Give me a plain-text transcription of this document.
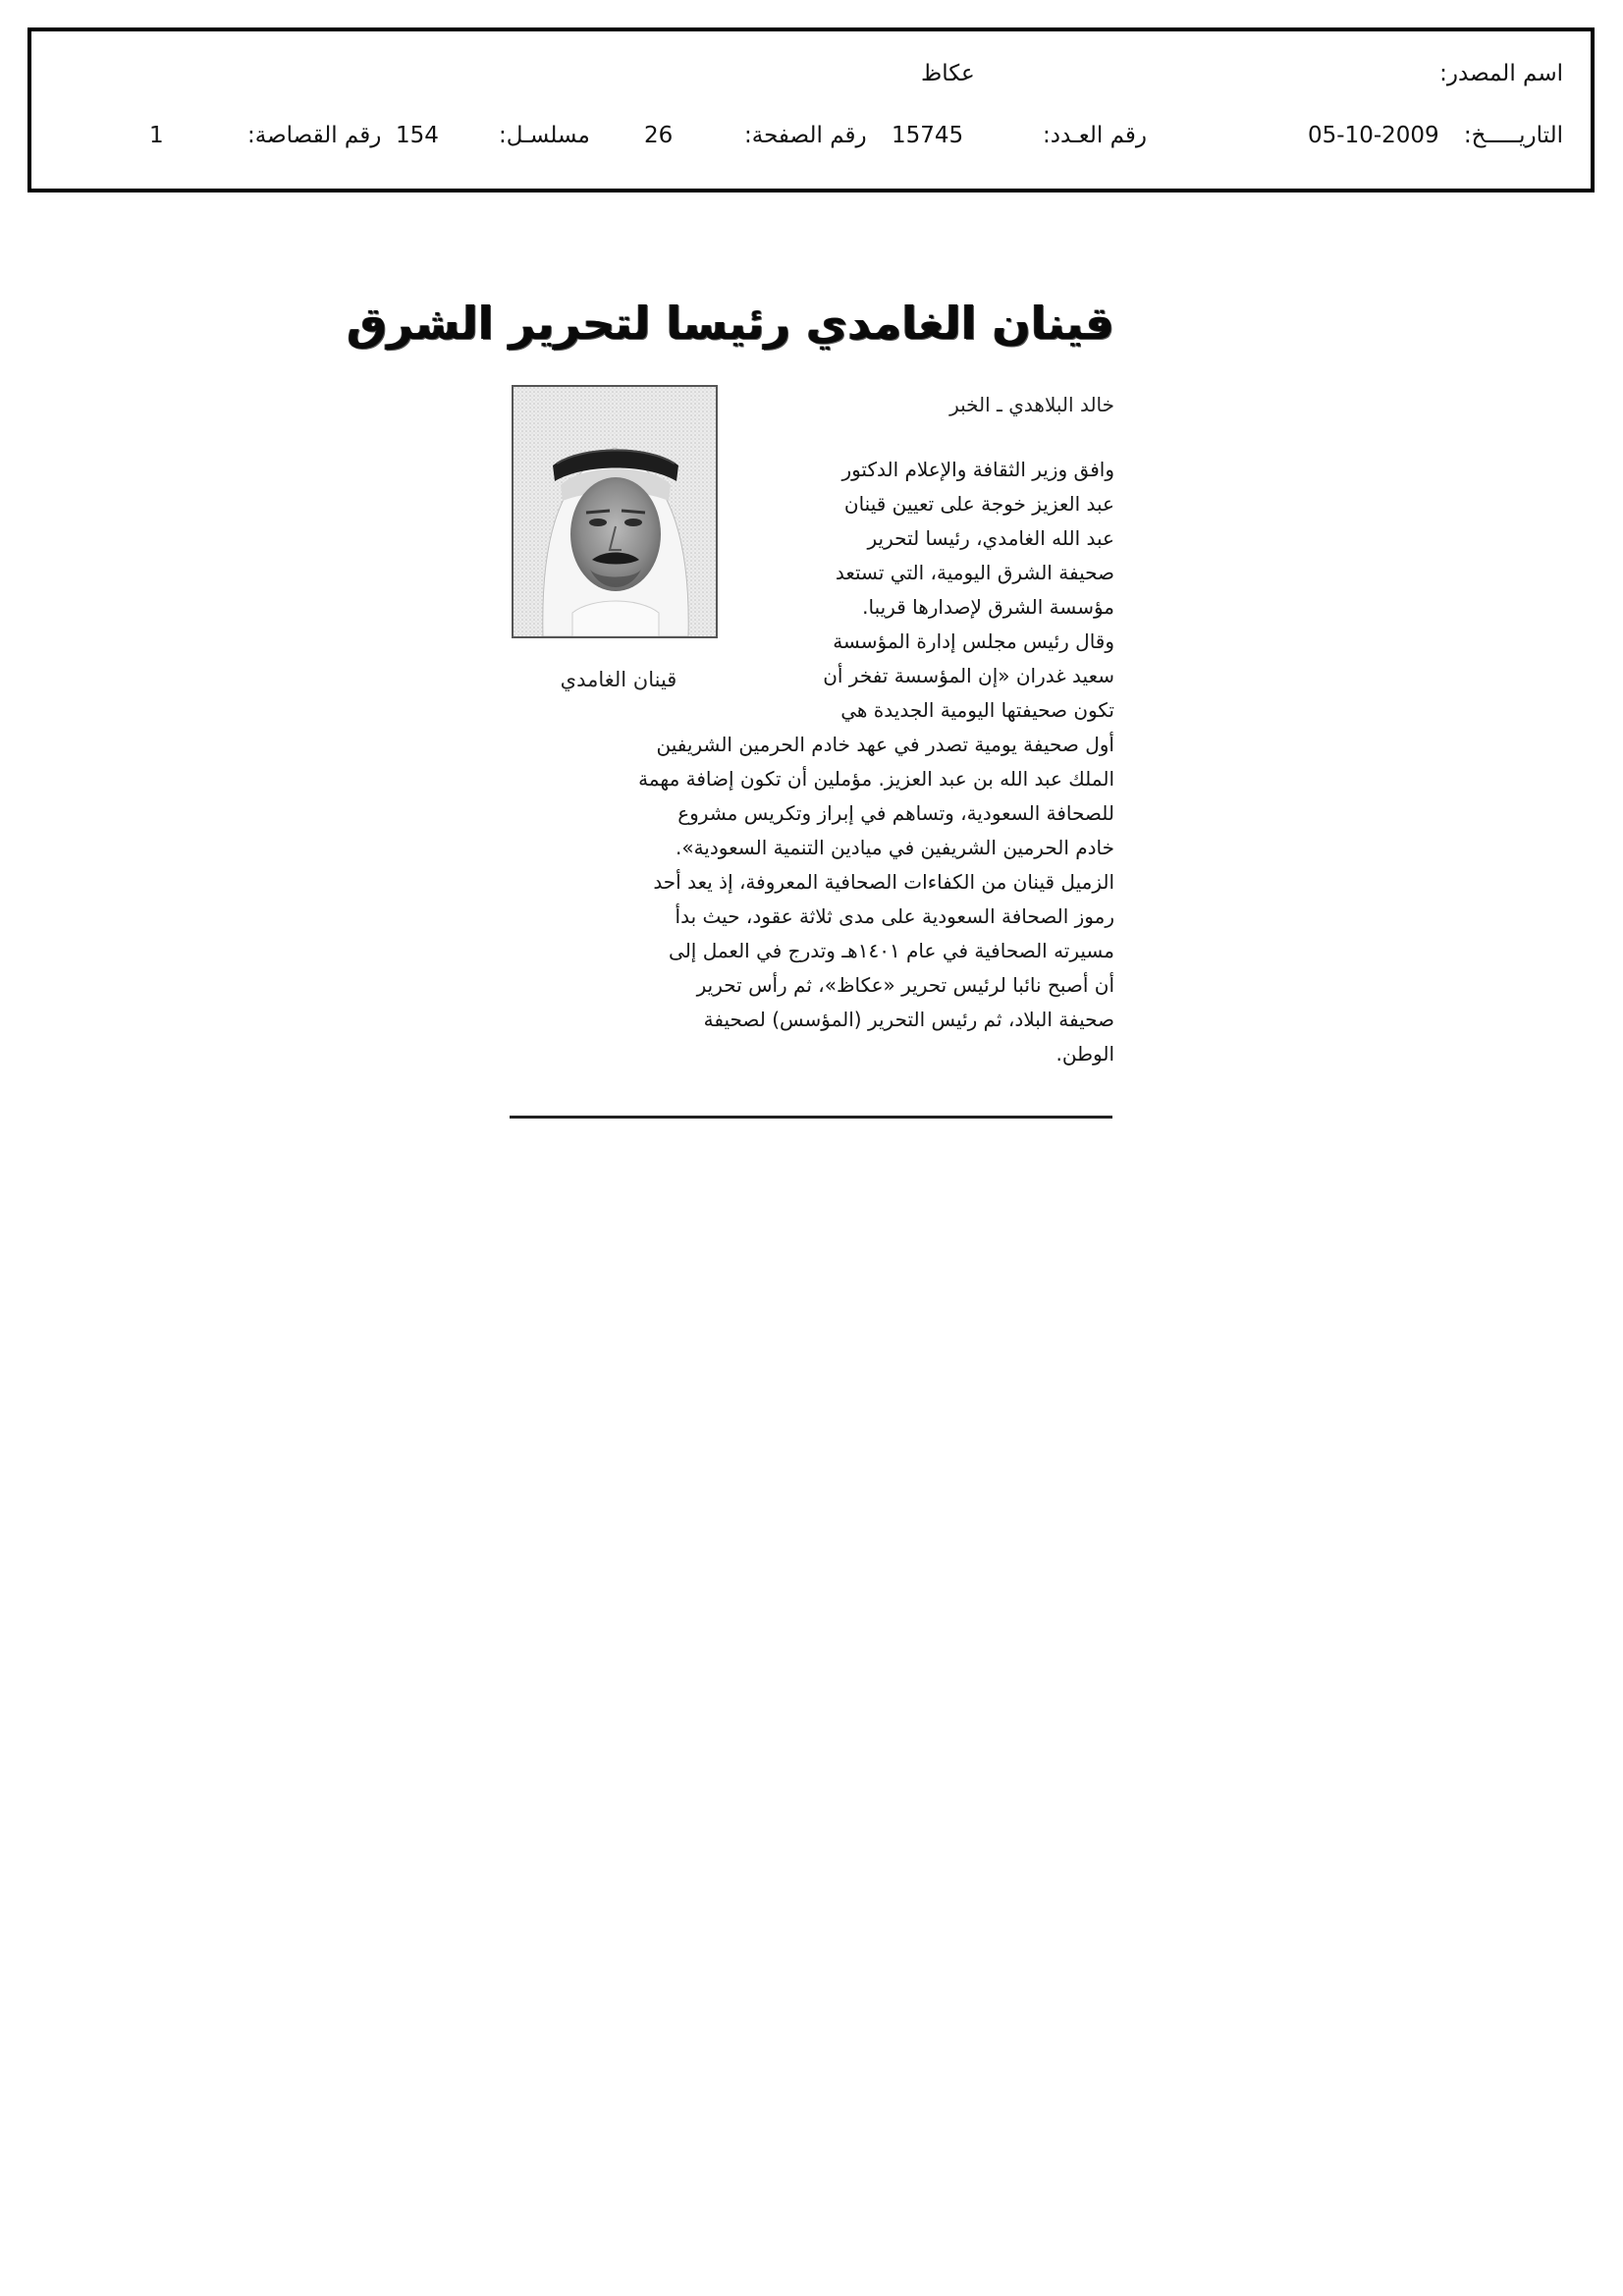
اسم المصدر:
عكاظ
التاريـــــخ:
05-10-2009
رقم العـدد:
15745
رقم الصفحة:
26
مسلسـل:
154
رقم القصاصة:
1
قينان الغامدي رئيسا لتحرير الشرق
خالد البلاهدي ـ الخبر
قينان الغامدي
وافق وزير الثقافة والإعلام الدكتور
عبد العزيز خوجة على تعيين قينان
عبد الله الغامدي، رئيسا لتحرير
صحيفة الشرق اليومية، التي تستعد
مؤسسة الشرق لإصدارها قريبا.
وقال رئيس مجلس إدارة المؤسسة
سعيد غدران «إن المؤسسة تفخر أن
تكون صحيفتها اليومية الجديدة هي
أول صحيفة يومية تصدر في عهد خادم الحرمين الشريفين
الملك عبد الله بن عبد العزيز. مؤملين أن تكون إضافة مهمة
للصحافة السعودية، وتساهم في إبراز وتكريس مشروع
خادم الحرمين الشريفين في ميادين التنمية السعودية».
الزميل قينان من الكفاءات الصحافية المعروفة، إذ يعد أحد
رموز الصحافة السعودية على مدى ثلاثة عقود، حيث بدأ
مسيرته الصحافية في عام ١٤٠١هـ وتدرج في العمل إلى
أن أصبح نائبا لرئيس تحرير «عكاظ»، ثم رأس تحرير
صحيفة البلاد، ثم رئيس التحرير (المؤسس) لصحيفة
الوطن.
